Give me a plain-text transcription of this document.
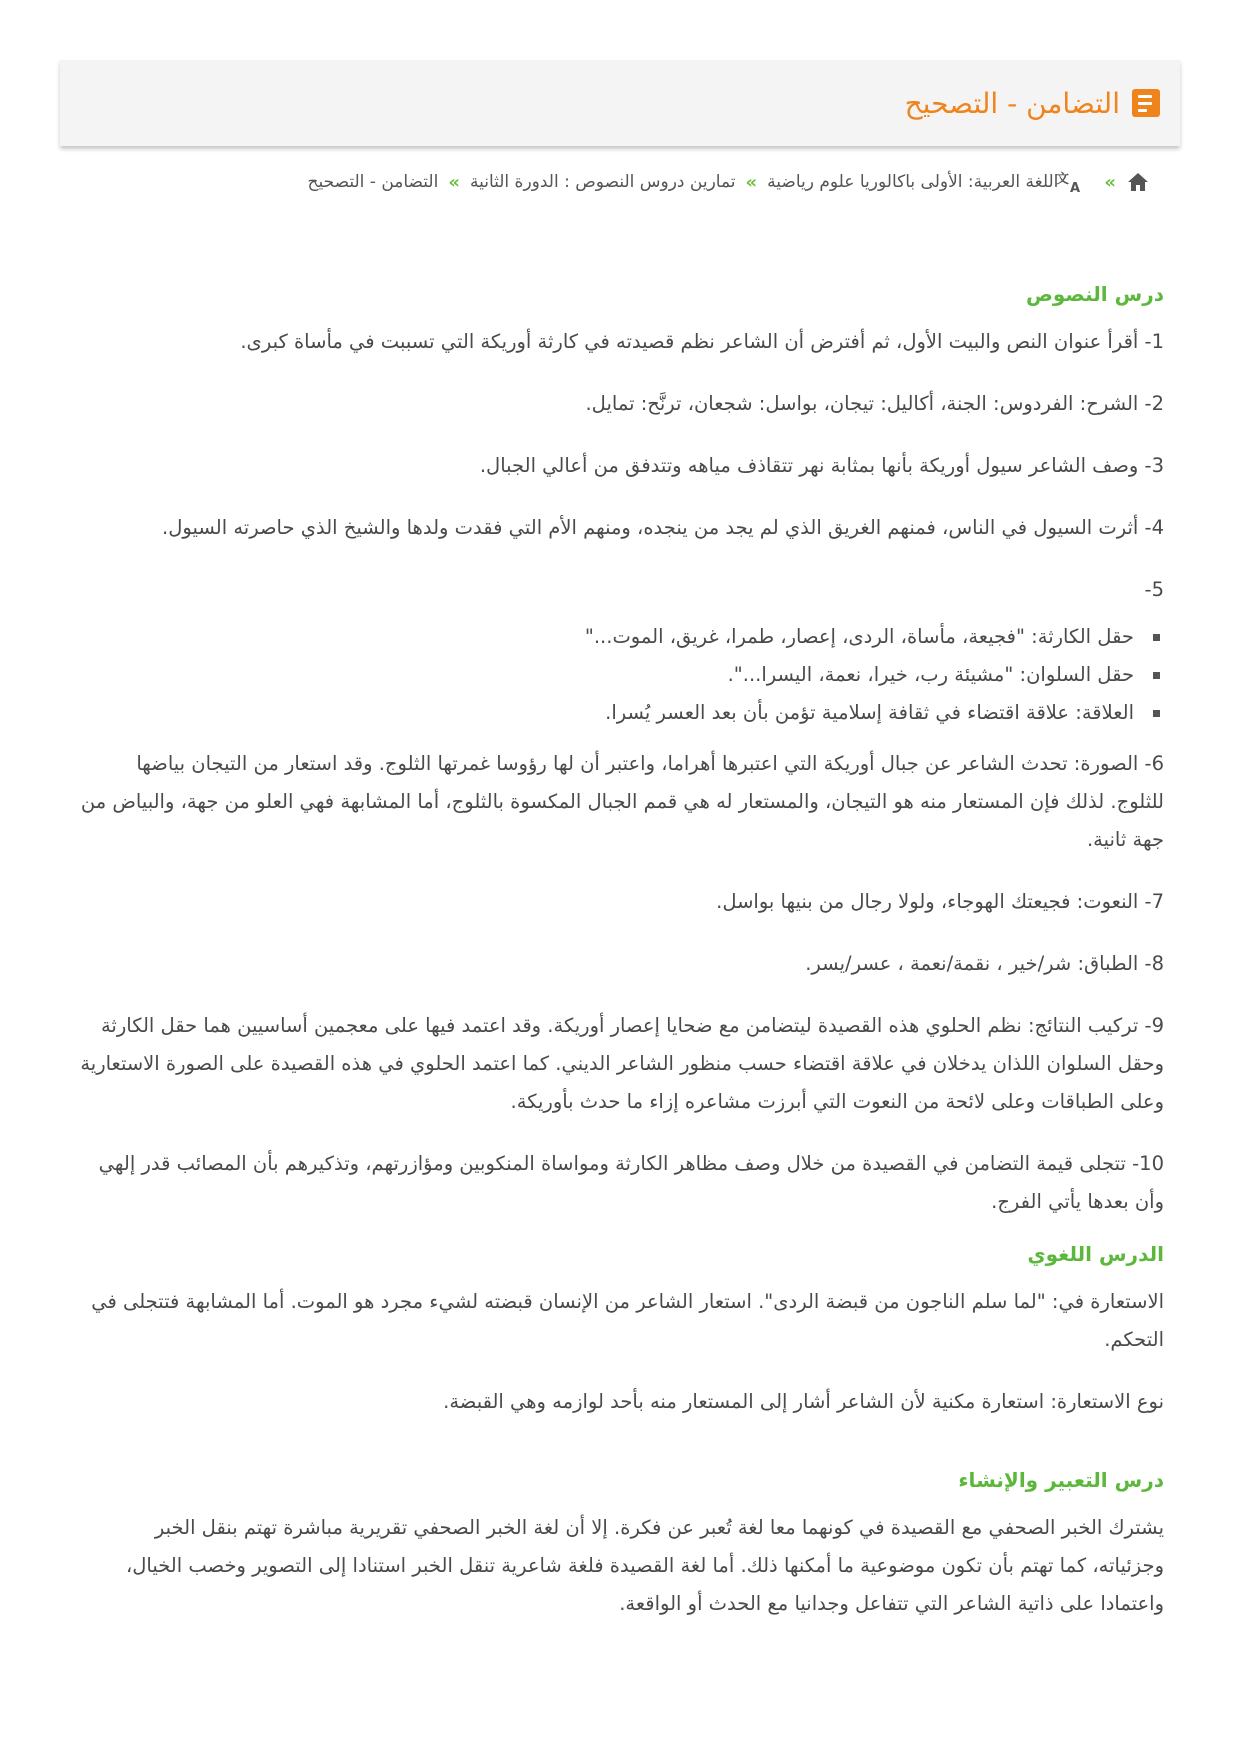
التضامن - التصحيح
»
文
A
اللغة العربية: الأولى باكالوريا علوم رياضية
»
تمارين دروس النصوص : الدورة الثانية
»
التضامن - التصحيح
درس النصوص

1- أقرأ عنوان النص والبيت الأول، ثم أفترض أن الشاعر نظم قصيدته في كارثة أوريكة التي تسببت في مأساة كبرى.

2- الشرح: الفردوس: الجنة، أكاليل: تيجان، بواسل: شجعان، ترنَّح: تمايل.

3- وصف الشاعر سيول أوريكة بأنها بمثابة نهر تتقاذف مياهه وتتدفق من أعالي الجبال.

4- أثرت السيول في الناس، فمنهم الغريق الذي لم يجد من ينجده، ومنهم الأم التي فقدت ولدها والشيخ الذي حاصرته السيول.

5-

حقل الكارثة: "فجيعة، مأساة، الردى، إعصار، طمرا، غريق، الموت..."
حقل السلوان: "مشيئة رب، خيرا، نعمة، اليسرا...".
العلاقة: علاقة اقتضاء في ثقافة إسلامية تؤمن بأن بعد العسر يُسرا.

6- الصورة: تحدث الشاعر عن جبال أوريكة التي اعتبرها أهراما، واعتبر أن لها رؤوسا غمرتها الثلوج. وقد استعار من التيجان بياضها للثلوج. لذلك فإن المستعار منه هو التيجان، والمستعار له هي قمم الجبال المكسوة بالثلوج، أما المشابهة فهي العلو من جهة، والبياض من جهة ثانية.

7- النعوت: فجيعتك الهوجاء، ولولا رجال من بنيها بواسل.

8- الطباق: شر/خير ، نقمة/نعمة ، عسر/يسر.

9- تركيب النتائج: نظم الحلوي هذه القصيدة ليتضامن مع ضحايا إعصار أوريكة. وقد اعتمد فيها على معجمين أساسيين هما حقل الكارثة وحقل السلوان اللذان يدخلان في علاقة اقتضاء حسب منظور الشاعر الديني. كما اعتمد الحلوي في هذه القصيدة على الصورة الاستعارية وعلى الطباقات وعلى لائحة من النعوت التي أبرزت مشاعره إزاء ما حدث بأوريكة.

10- تتجلى قيمة التضامن في القصيدة من خلال وصف مظاهر الكارثة ومواساة المنكوبين ومؤازرتهم، وتذكيرهم بأن المصائب قدر إلهي وأن بعدها يأتي الفرج.

الدرس اللغوي

الاستعارة في: "لما سلم الناجون من قبضة الردى". استعار الشاعر من الإنسان قبضته لشيء مجرد هو الموت. أما المشابهة فتتجلى في التحكم.

نوع الاستعارة: استعارة مكنية لأن الشاعر أشار إلى المستعار منه بأحد لوازمه وهي القبضة.

درس التعبير والإنشاء

يشترك الخبر الصحفي مع القصيدة في كونهما معا لغة تُعبر عن فكرة. إلا أن لغة الخبر الصحفي تقريرية مباشرة تهتم بنقل الخبر وجزئياته، كما تهتم بأن تكون موضوعية ما أمكنها ذلك. أما لغة القصيدة فلغة شاعرية تنقل الخبر استنادا إلى التصوير وخصب الخيال، واعتمادا على ذاتية الشاعر التي تتفاعل وجدانيا مع الحدث أو الواقعة.
